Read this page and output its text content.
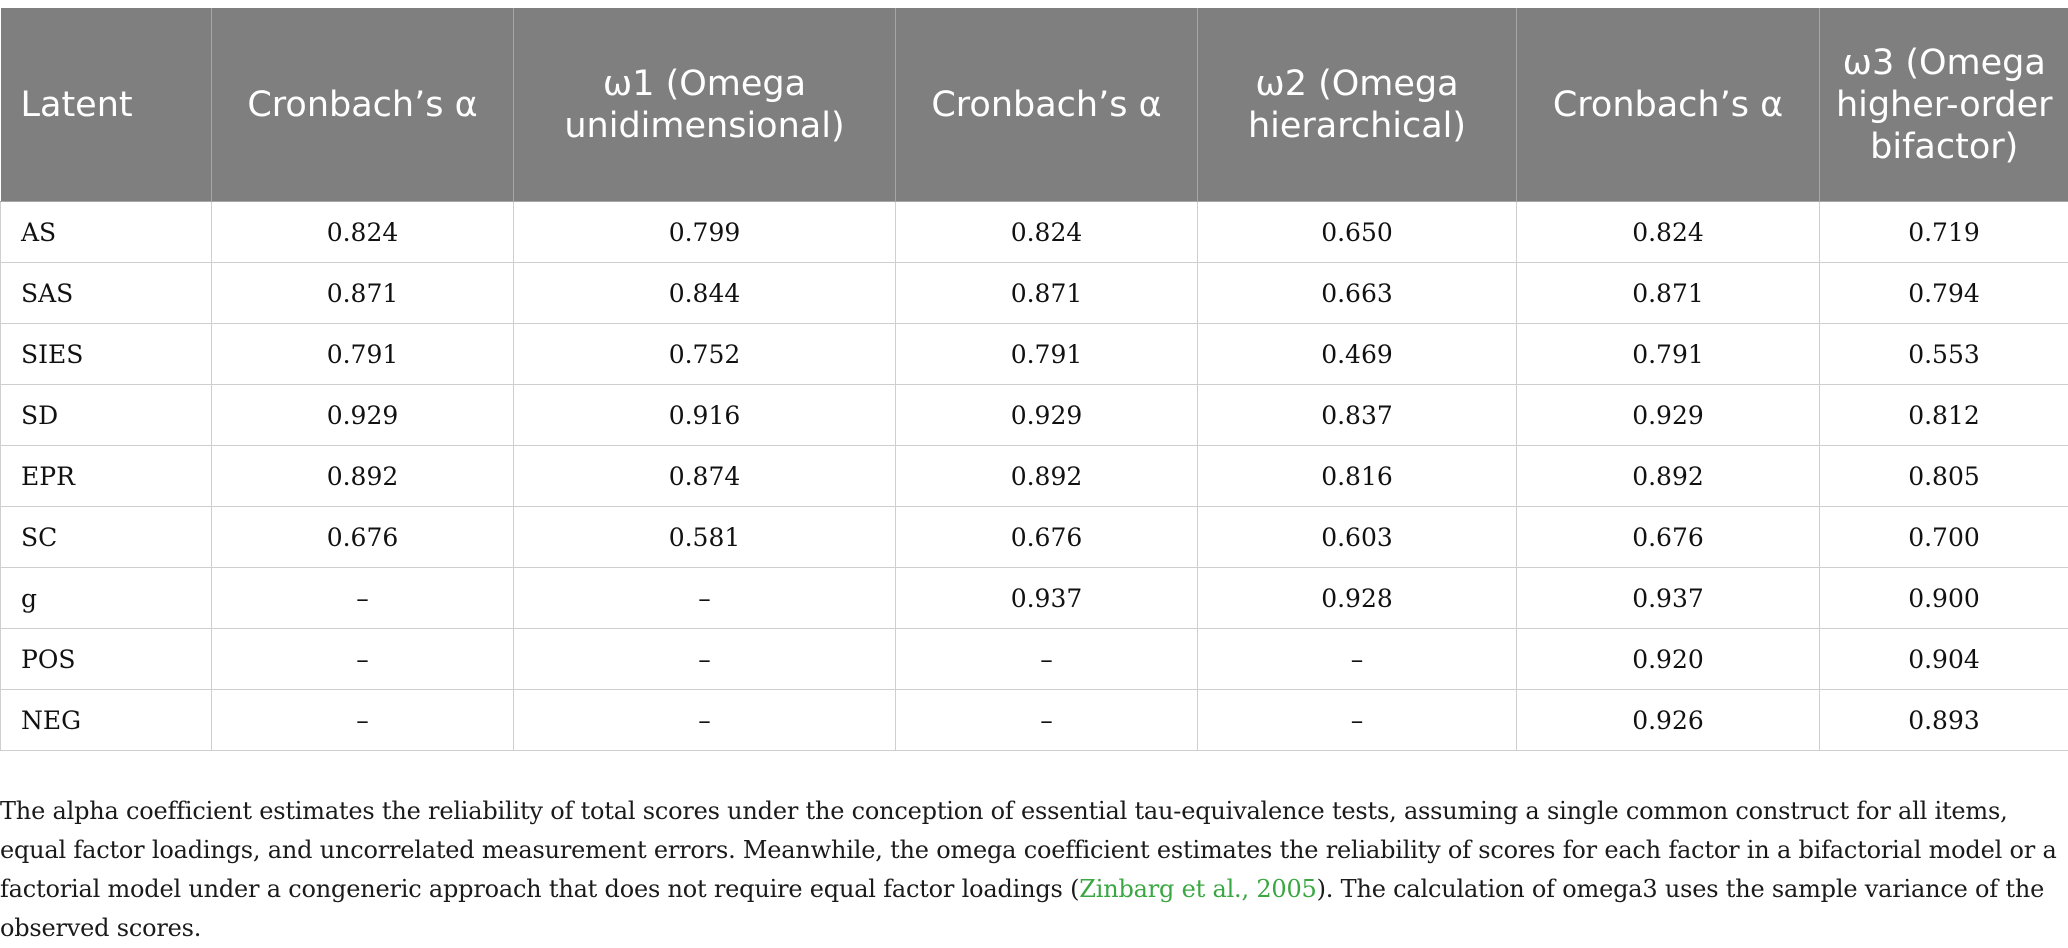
Latent	Cronbach’s α	ω1 (Omega unidimensional)	Cronbach’s α	ω2 (Omega hierarchical)	Cronbach’s α	ω3 (Omega higher-order bifactor)
AS	0.824	0.799	0.824	0.650	0.824	0.719
SAS	0.871	0.844	0.871	0.663	0.871	0.794
SIES	0.791	0.752	0.791	0.469	0.791	0.553
SD	0.929	0.916	0.929	0.837	0.929	0.812
EPR	0.892	0.874	0.892	0.816	0.892	0.805
SC	0.676	0.581	0.676	0.603	0.676	0.700
g	–	–	0.937	0.928	0.937	0.900
POS	–	–	–	–	0.920	0.904
NEG	–	–	–	–	0.926	0.893

The alpha coefficient estimates the reliability of total scores under the conception of essential tau-equivalence tests, assuming a single common construct for all items, equal factor loadings, and uncorrelated measurement errors. Meanwhile, the omega coefficient estimates the reliability of scores for each factor in a bifactorial model or a factorial model under a congeneric approach that does not require equal factor loadings (Zinbarg et al., 2005). The calculation of omega3 uses the sample variance of the observed scores.
